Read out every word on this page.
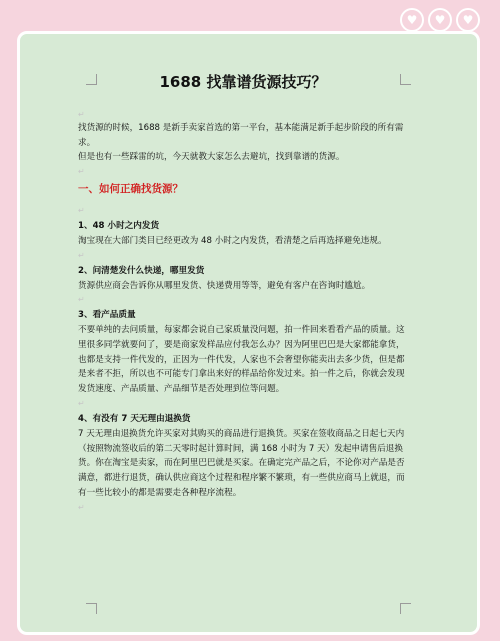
♥	♥	♥
1688 找靠谱货源技巧？
↵

找货源的时候，1688 是新手卖家首选的第一平台，基本能满足新手起步阶段的所有需求。

但是也有一些踩雷的坑，今天就教大家怎么去避坑，找到靠谱的货源。

↵
一、如何正确找货源？
↵

1、48 小时之内发货

淘宝现在大部门类目已经更改为 48 小时之内发货，看清楚之后再选择避免违规。

↵

2、问清楚发什么快递，哪里发货

货源供应商会告诉你从哪里发货、快递费用等等，避免有客户在咨询时尴尬。

↵

3、看产品质量

不要单纯的去问质量，每家都会说自己家质量没问题，拍一件回来看看产品的质量。这里很多同学就要问了，要是商家发样品应付我怎么办？因为阿里巴巴是大家都能拿货，也都是支持一件代发的，正因为一件代发，人家也不会奢望你能卖出去多少货，但是都是来者不拒，所以也不可能专门拿出来好的样品给你发过来。拍一件之后，你就会发现发货速度、产品质量、产品细节是否处理到位等问题。

↵

4、有没有 7 天无理由退换货

7 天无理由退换货允许买家对其购买的商品进行退换货。买家在签收商品之日起七天内（按照物流签收后的第二天零时起计算时间，满 168 小时为 7 天）发起申请售后退换货。你在淘宝是卖家，而在阿里巴巴就是买家。在确定完产品之后，不论你对产品是否满意，都进行退货，确认供应商这个过程和程序繁不繁琐，有一些供应商马上就退，而有一些比较小的都是需要走各种程序流程。

↵
